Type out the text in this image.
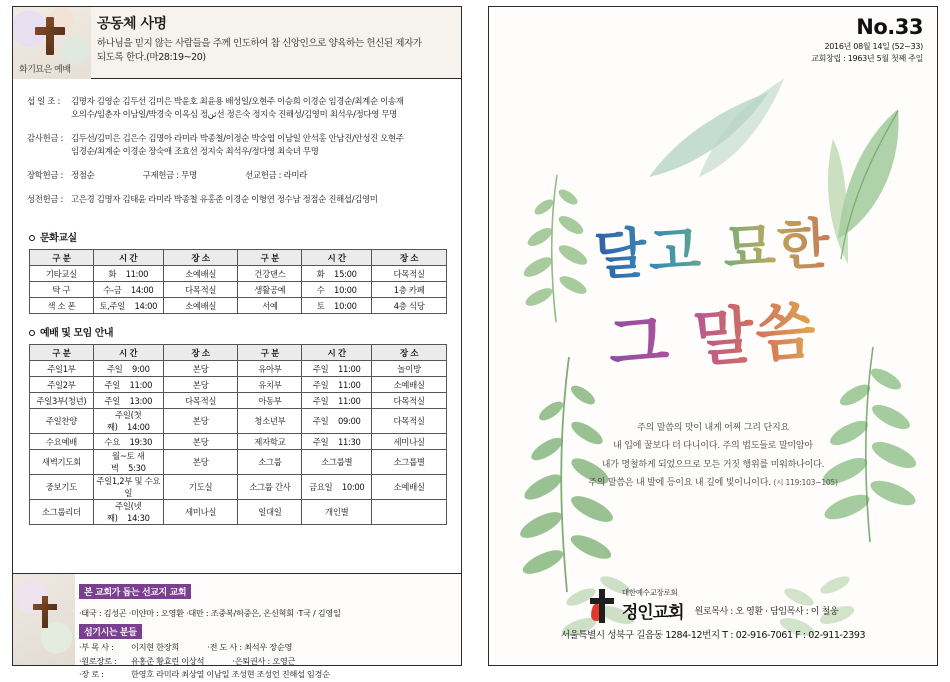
화기묘은 예배
공동체 사명
하나님을 믿지 않는 사람들을 주께 인도하여 참 신앙인으로 양육하는 헌신된 제자가
되도록 한다.(마28:19~20)
섭 일 조 : 김명자 김영순 김두선 김미은 박윤호 최윤용 배성일/오현주 이승희 이경순 임경순/최계순 이송재
오의수/임춘자 이남일/박경숙 이옥심 정ثن선 정은숙 정지숙 진해성/김영미 최석우/정다영 무명
감사헌금 : 김두선/김미은 김은수 김명아 라미라 박종철/이정순 박숭엽 이남일 안석홍 안남진/안성진 오현주
임경순/최계순 이경순 장숙애 조효선 정지숙 최석우/정다영 최숙녀 무명
장학헌금 : 정점순	구제헌금 : 무명	선교헌금 : 라미라
성전헌금 : 고은경 김명자 김태윤 라미라 박종철 유홍준 이경순 이형연 정수남 정점순 진해섭/김영미
문화교실
구 분	시 간	장 소	구 분	시 간	장 소
기타교실	화 11:00	소예배실	건강댄스	화 15:00	다목적실
탁 구	수-금 14:00	다목적실	생활공예	수 10:00	1층 카페
색 소 폰	토,주일 14:00	소예배실	서예	토 10:00	4층 식당
예배 및 모임 안내
구 분	시 간	장 소	구 분	시 간	장 소
주일1부	주일 9:00	본당	유아부	주일 11:00	놀이방
주일2부	주일 11:00	본당	유치부	주일 11:00	소예배실
주일3부(청년)	주일 13:00	다목적실	아동부	주일 11:00	다목적실
주일찬양	주일(첫째) 14:00	본당	청소년부	주일 09:00	다목적실
수요예배	수요 19:30	본당	제자학교	주일 11:30	세미나실
새벽기도회	월~토 새벽 5:30	본당	소그룹	소그룹별	소그룹별
중보기도	주일1,2부 및 수요일	기도실	소그룹 간사	금요일 10:00	소예배실
소그룹리더	주일(넷째) 14:30	세미나실	일대일	개인별	
본 교회가 돕는 선교지 교회 ·태국 : 김성곤 ·미얀마 : 오영환 ·대만 : 조중복/허중은, 온신혁회 ·T국 / 김영일
섬기시는 분들
·부 목 사 : 이지현 한장희	·전 도 사 : 최석우 장순영
·원로장로 : 유홍준 황효린 이상석	·은퇴권사 : 오영근
·장 로 :	한영호 라미라 최상열 이남일 조성현 조성언 진해섭 임경순
No.33
2016년 08월 14일 (52~33)
교회창립 : 1963년 5월 첫째 주일
달고 묘한
그 말씀
주의 말씀의 맛이 내게 어찌 그리 단지요
내 입에 꿀보다 더 다니이다. 주의 법도들로 말미암아
내가 명철하게 되었으므로 모든 거짓 행위를 미워하나이다.
주의 말씀은 내 발에 등이요 내 길에 빛이니이다. (시 119:103~105)
대한예수교장로회
정인교회 원로목사 : 오 영환 · 담임목사 : 이 철웅
서울특별시 성북구 길음동 1284-12번지 T : 02-916-7061 F : 02-911-2393
